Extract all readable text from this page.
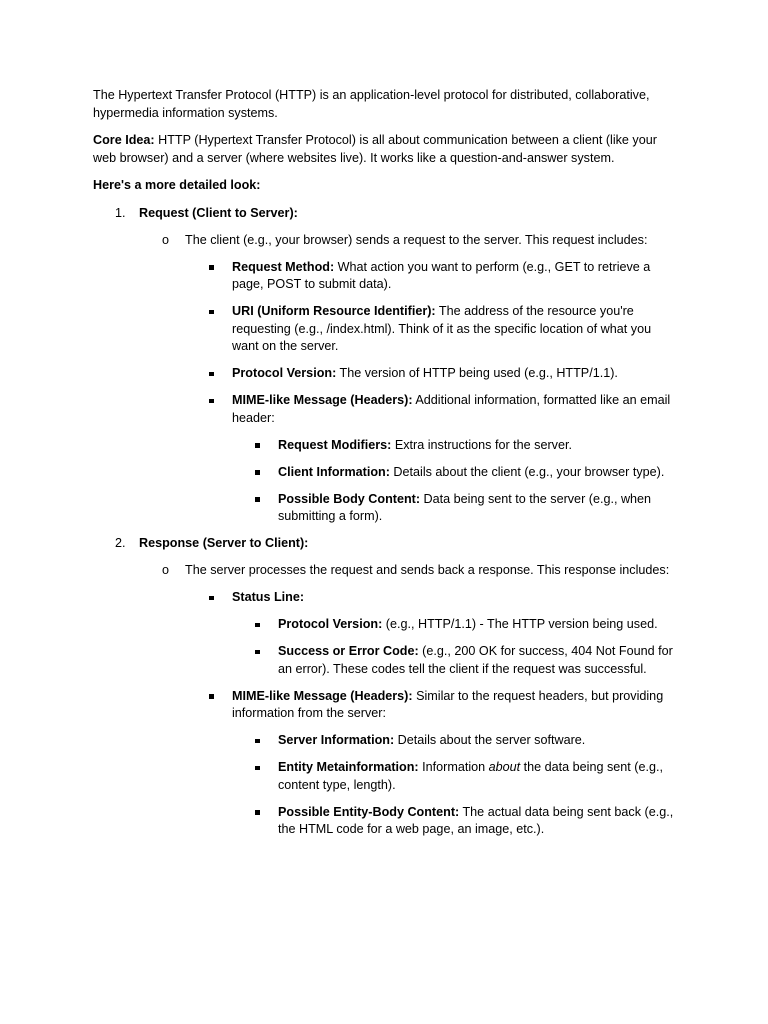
The Hypertext Transfer Protocol (HTTP) is an application-level protocol for distributed, collaborative, hypermedia information systems.

Core Idea: HTTP (Hypertext Transfer Protocol) is all about communication between a client (like your web browser) and a server (where websites live). It works like a question-and-answer system.

Here's a more detailed look:

1. Request (Client to Server):
o The client (e.g., your browser) sends a request to the server. This request includes:
Request Method: What action you want to perform (e.g., GET to retrieve a page, POST to submit data).
URI (Uniform Resource Identifier): The address of the resource you're requesting (e.g., /index.html). Think of it as the specific location of what you want on the server.
Protocol Version: The version of HTTP being used (e.g., HTTP/1.1).
MIME-like Message (Headers): Additional information, formatted like an email header:
Request Modifiers: Extra instructions for the server.
Client Information: Details about the client (e.g., your browser type).
Possible Body Content: Data being sent to the server (e.g., when submitting a form).
2. Response (Server to Client):
o The server processes the request and sends back a response. This response includes:
Status Line:
Protocol Version: (e.g., HTTP/1.1) - The HTTP version being used.
Success or Error Code: (e.g., 200 OK for success, 404 Not Found for an error). These codes tell the client if the request was successful.
MIME-like Message (Headers): Similar to the request headers, but providing information from the server:
Server Information: Details about the server software.
Entity Metainformation: Information about the data being sent (e.g., content type, length).
Possible Entity-Body Content: The actual data being sent back (e.g., the HTML code for a web page, an image, etc.).
